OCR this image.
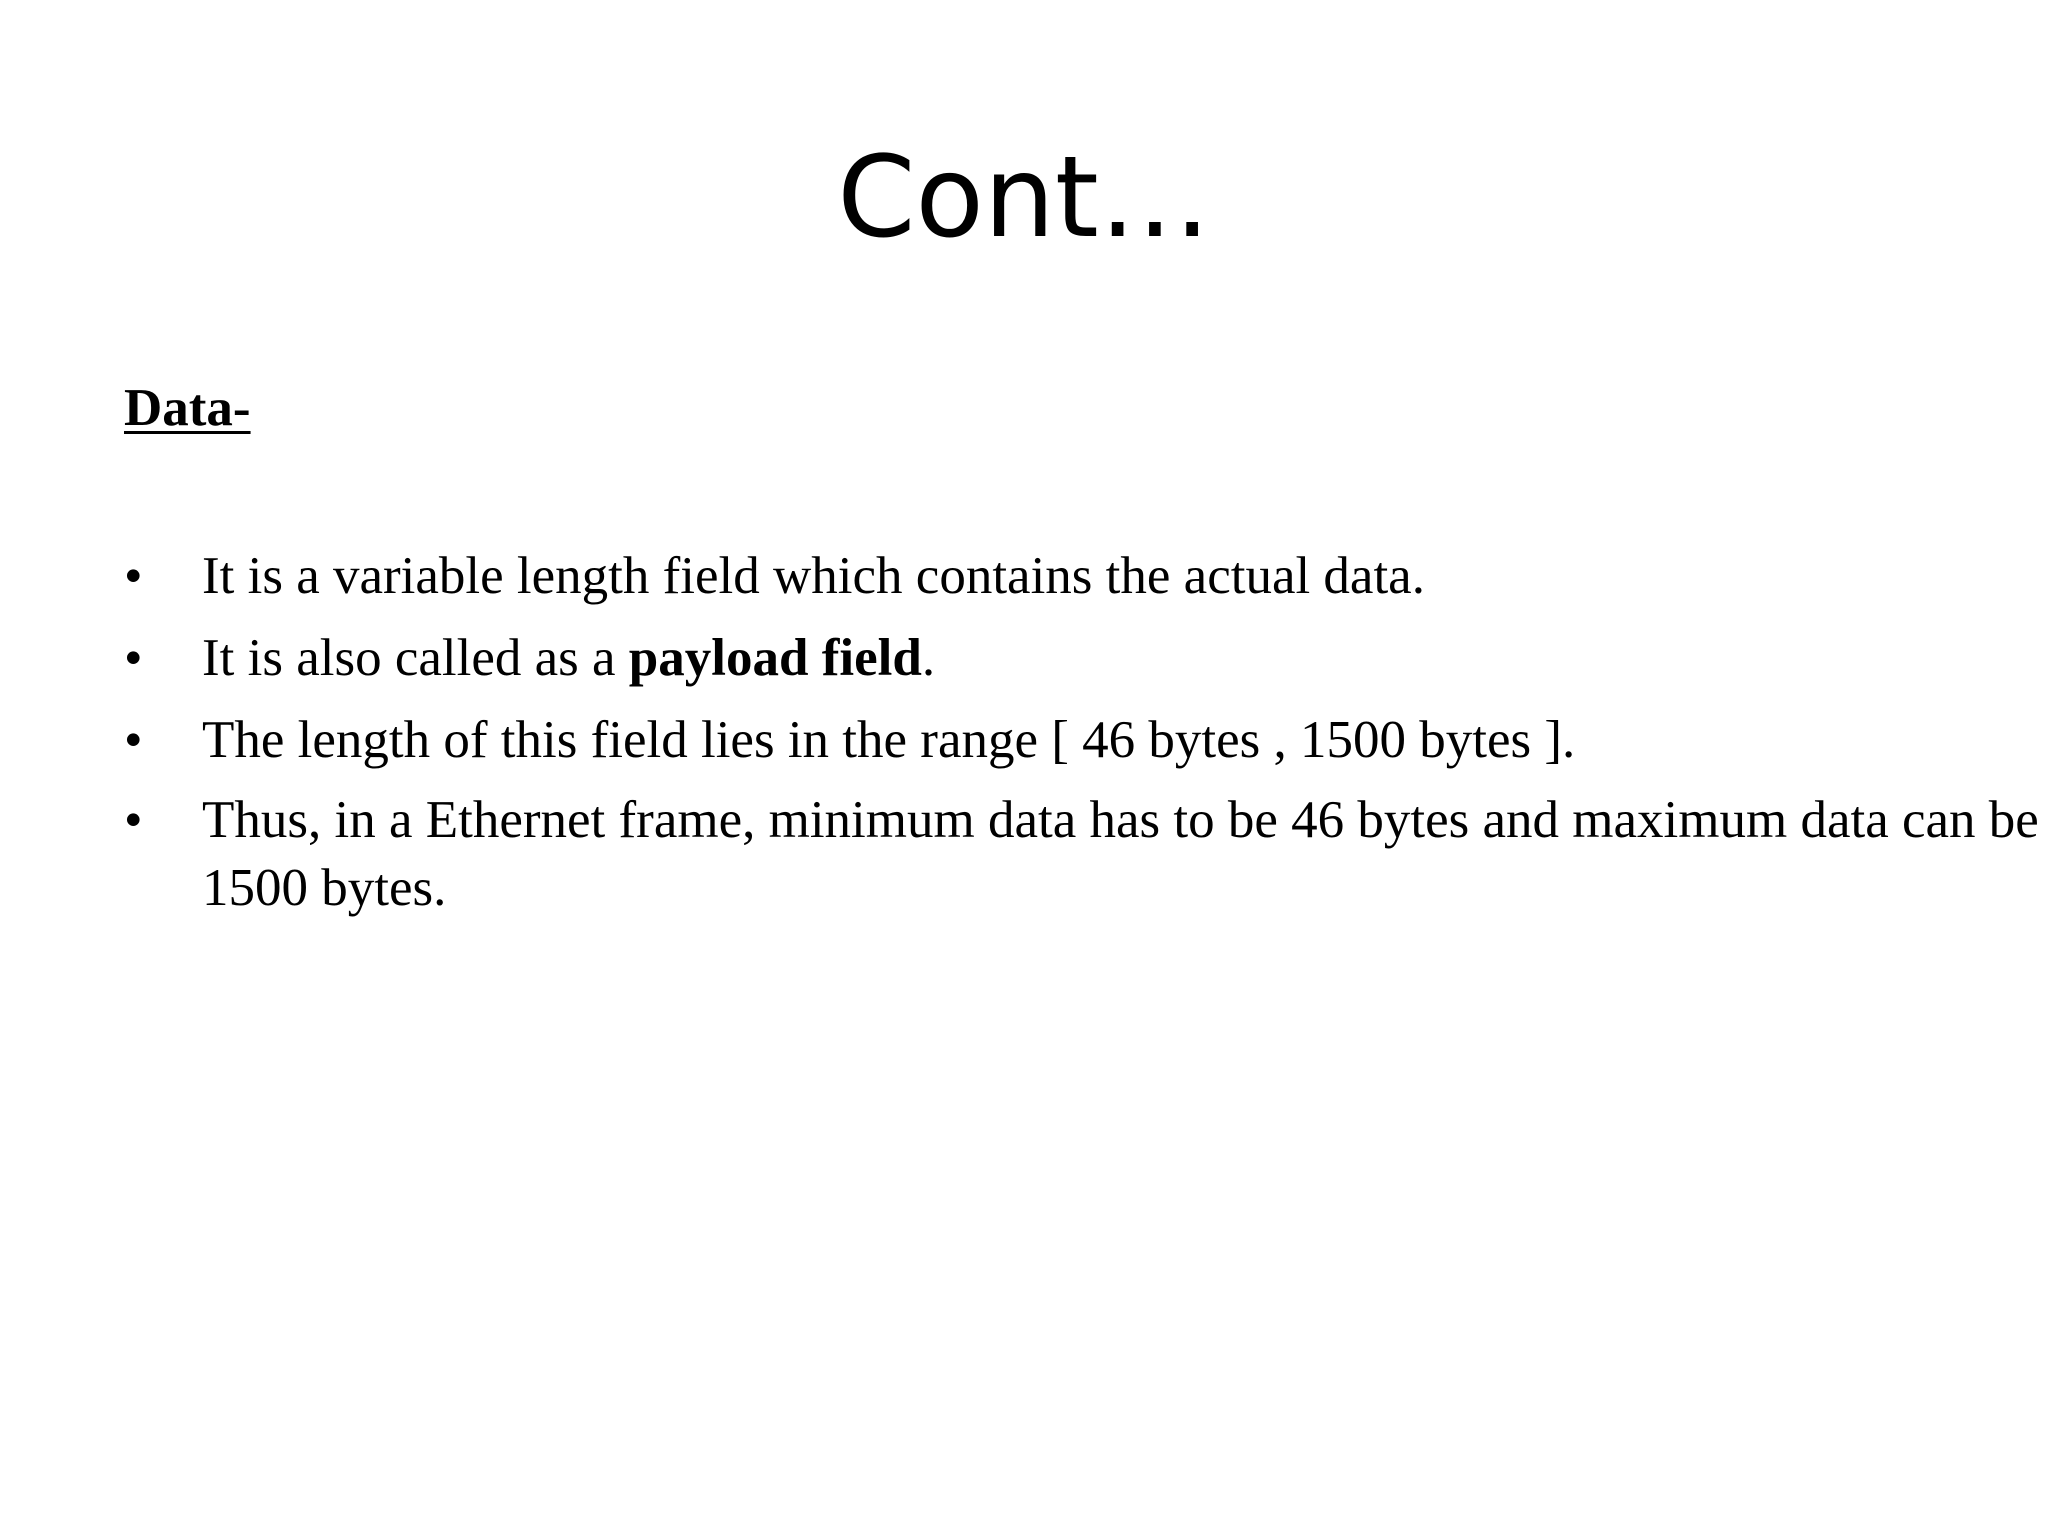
Cont…
Data-
• It is a variable length field which contains the actual data.
• It is also called as a payload field.
• The length of this field lies in the range [ 46 bytes , 1500 bytes ].
• Thus, in a Ethernet frame, minimum data has to be 46 bytes and maximum data can be 1500 bytes.
